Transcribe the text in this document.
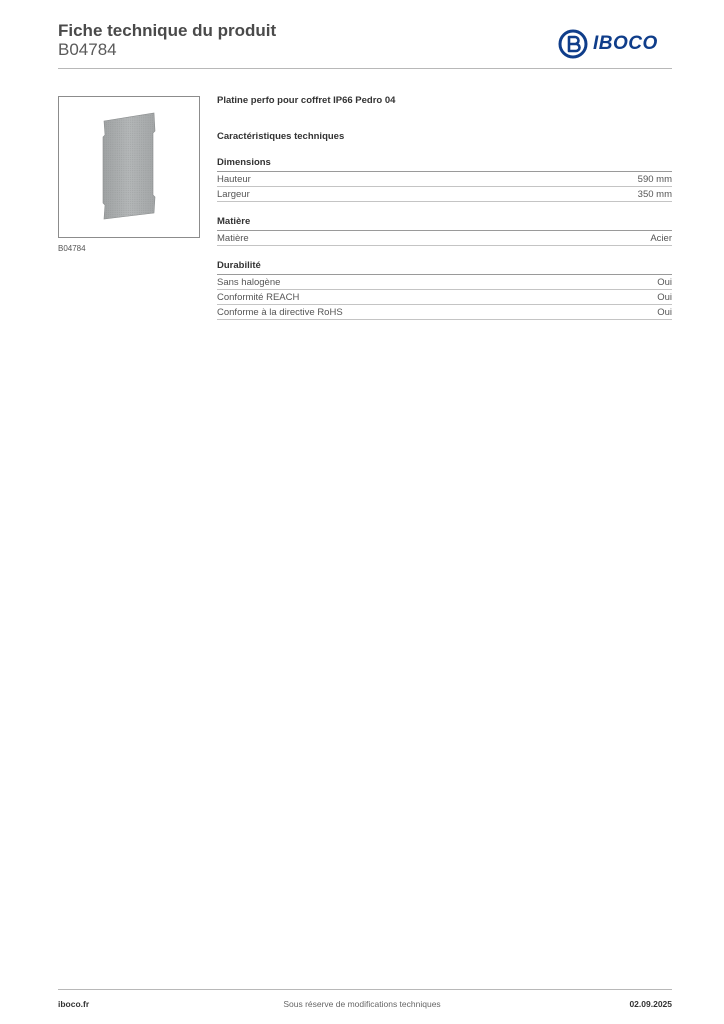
Fiche technique du produit
B04784	IBOCO
B04784
Platine perfo pour coffret IP66 Pedro 04
Caractéristiques techniques
Dimensions
Hauteur	590 mm
Largeur	350 mm
Matière
Matière	Acier
Durabilité
Sans halogène	Oui
Conformité REACH	Oui
Conforme à la directive RoHS	Oui
iboco.fr	Sous réserve de modifications techniques	02.09.2025
